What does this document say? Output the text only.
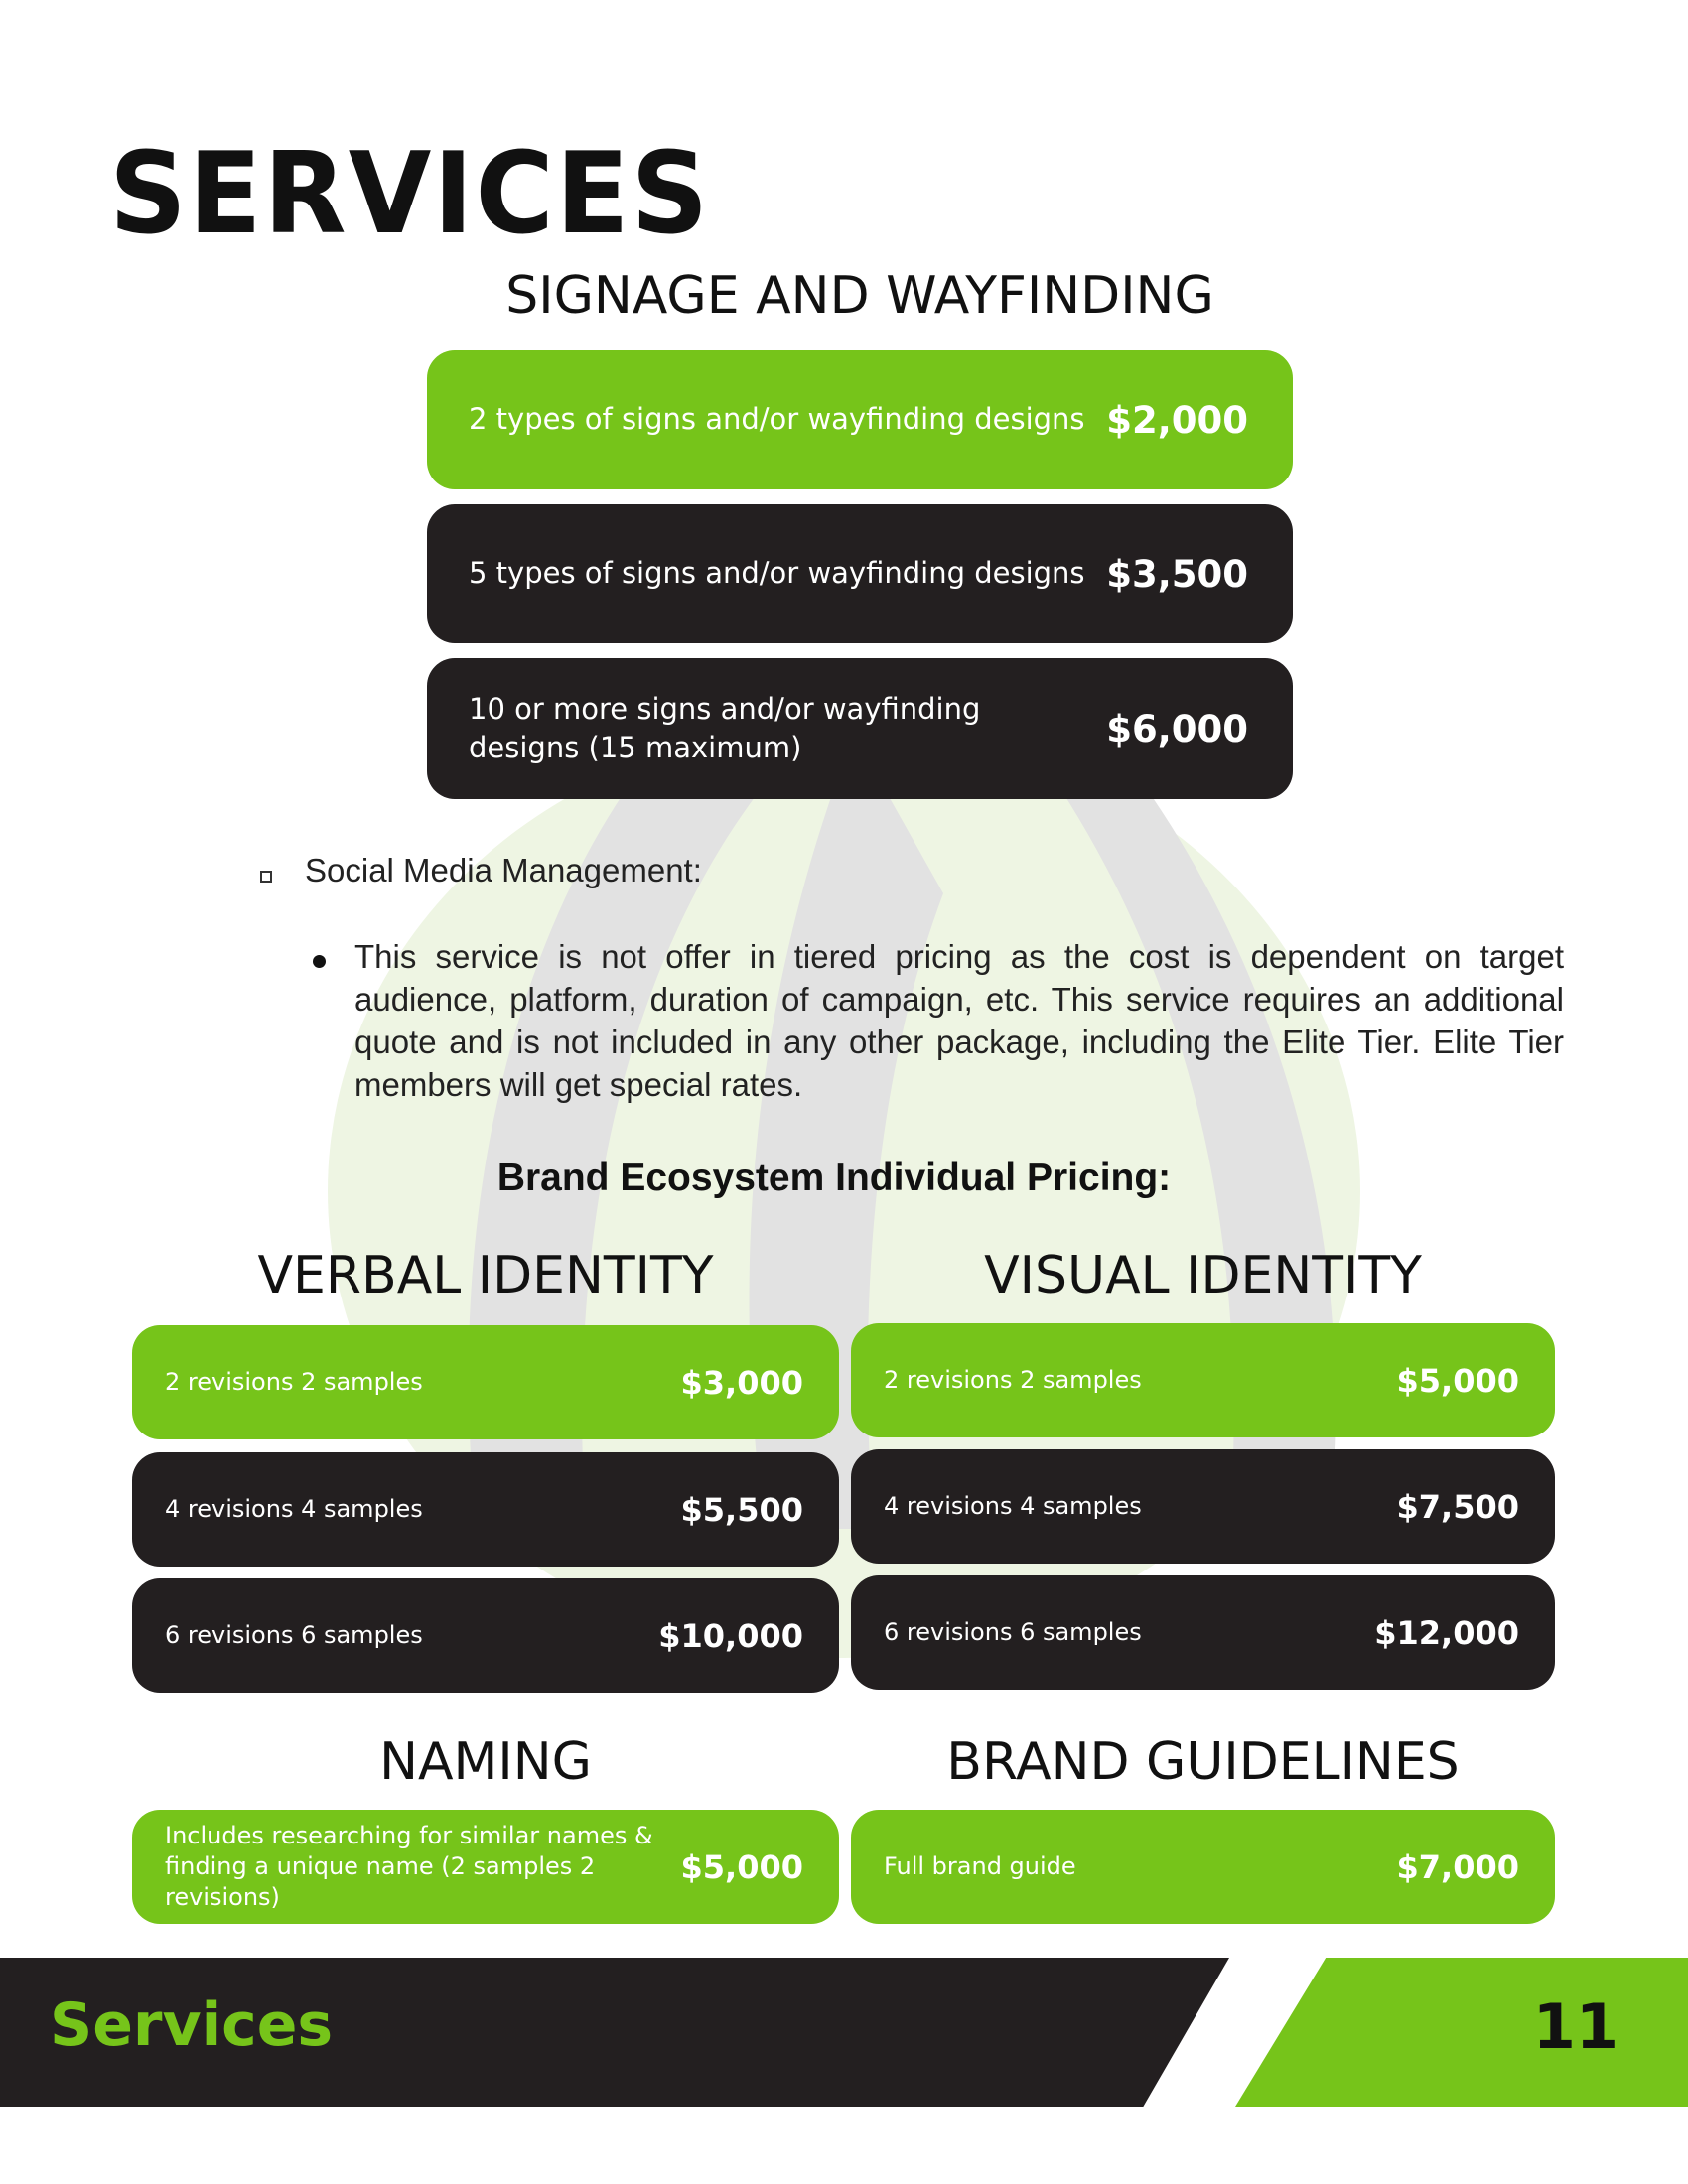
SERVICES
SIGNAGE AND WAYFINDING
2 types of signs and/or wayfinding designs $2,000
5 types of signs and/or wayfinding designs $3,500
10 or more signs and/or wayfinding designs (15 maximum)	$6,000
Social Media Management:

This service is not offer in tiered pricing as the cost is dependent on target audience, platform, duration of campaign, etc. This service requires an additional quote and is not included in any other package, including the Elite Tier. Elite Tier members will get special rates.

Brand Ecosystem Individual Pricing:
VERBAL IDENTITY
2 revisions 2 samples	$3,000
4 revisions 4 samples	$5,500
6 revisions 6 samples	$10,000
VISUAL IDENTITY
2 revisions 2 samples	$5,000
4 revisions 4 samples	$7,500
6 revisions 6 samples	$12,000
NAMING
Includes researching for similar names & finding a unique name (2 samples 2 revisions)
$5,000
BRAND GUIDELINES
Full brand guide	$7,000
Services	11
